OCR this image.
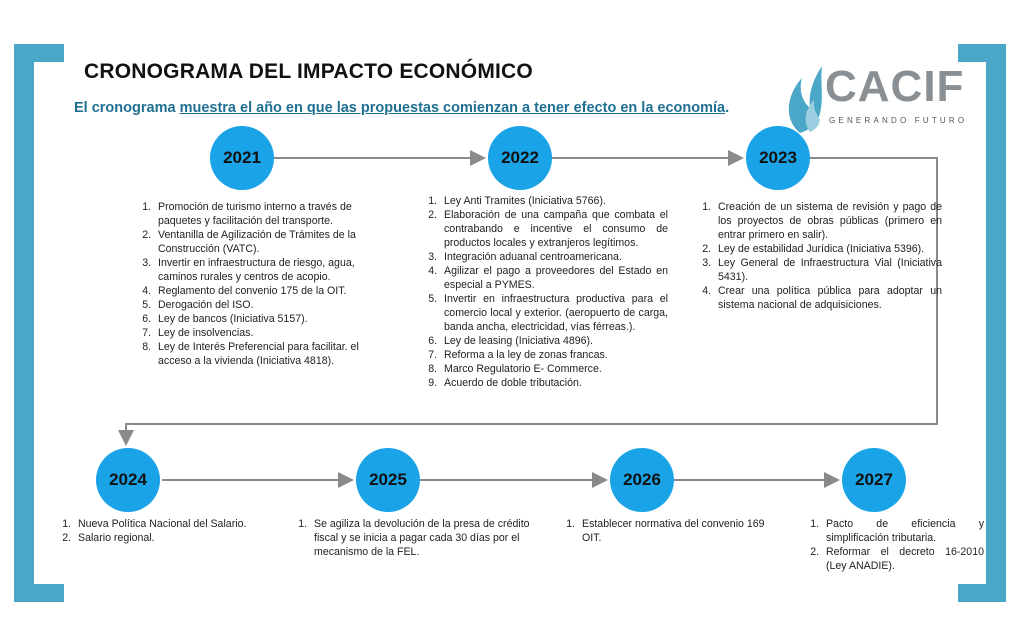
CRONOGRAMA DEL IMPACTO ECONÓMICO
El cronograma muestra el año en que las propuestas comienzan a tener efecto en la economía. CACIF
GENERANDO FUTURO
2021	2022	2023
2024	2025	2026	2027
1. Promoción de turismo interno a través de paquetes y facilitación del transporte.
2. Ventanilla de Agilización de Trámites de la Construcción (VATC).
3. Invertir en infraestructura de riesgo, agua, caminos rurales y centros de acopio.
4. Reglamento del convenio 175 de la OIT.
5. Derogación del ISO.
6. Ley de bancos (Iniciativa 5157).
7. Ley de insolvencias.
8. Ley de Interés Preferencial para facilitar. el acceso a la vivienda (Iniciativa 4818).
1. Ley Anti Tramites (Iniciativa 5766).
2. Elaboración de una campaña que combata el contrabando e incentive el consumo de productos locales y extranjeros legítimos.
3. Integración aduanal centroamericana.
4. Agilizar el pago a proveedores del Estado en especial a PYMES.
5. Invertir en infraestructura productiva para el comercio local y exterior. (aeropuerto de carga, banda ancha, electricidad, vías férreas.).
6. Ley de leasing (Iniciativa 4896).
7. Reforma a la ley de zonas francas.
8. Marco Regulatorio E- Commerce.
9. Acuerdo de doble tributación.
1. Creación de un sistema de revisión y pago de los proyectos de obras públicas (primero en entrar primero en salir).
2. Ley de estabilidad Jurídica (Iniciativa 5396).
3. Ley General de Infraestructura Vial (Iniciativa 5431).
4. Crear una política pública para adoptar un sistema nacional de adquisiciones.
1. Nueva Política Nacional del Salario.
2. Salario regional.
1. Se agiliza la devolución de la presa de crédito fiscal y se inicia a pagar cada 30 días por el mecanismo de la FEL.
1. Establecer normativa del convenio 169 OIT.
1. Pacto de eficiencia y simplificación tributaria.
2. Reformar el decreto 16-2010 (Ley ANADIE).
